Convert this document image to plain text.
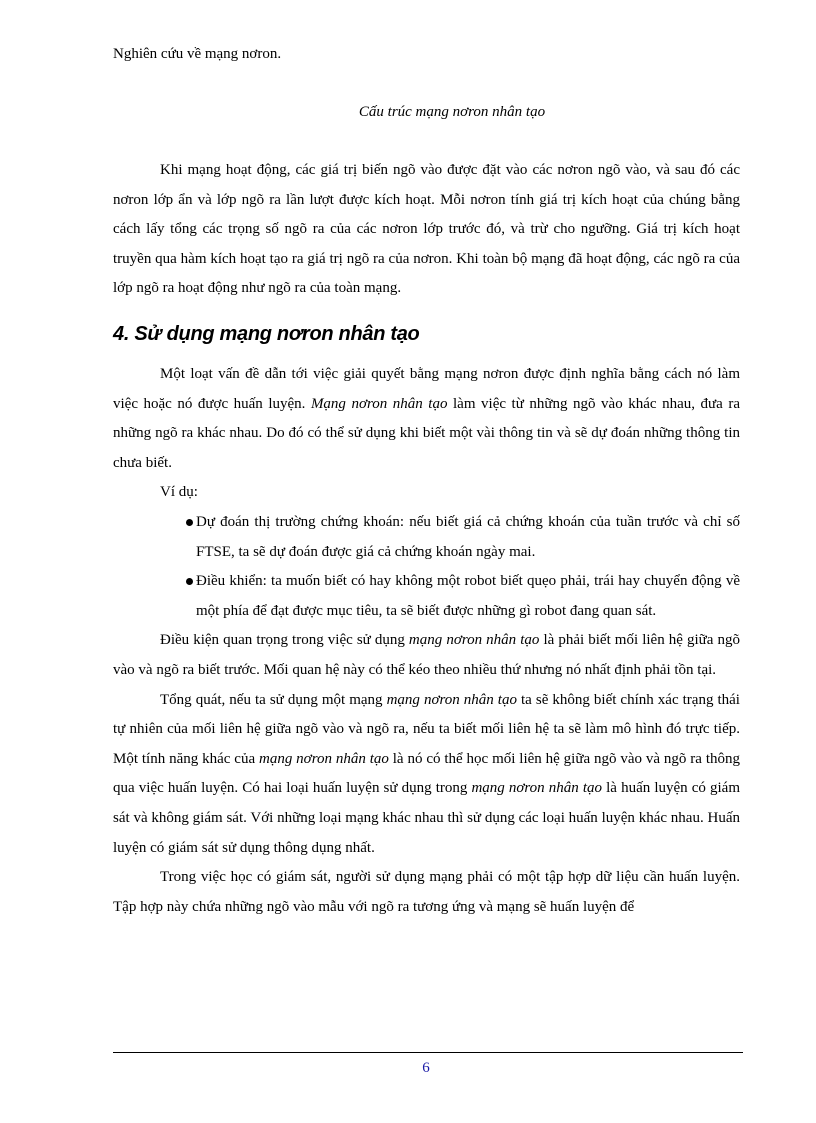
Nghiên cứu về mạng nơron.
Cấu trúc mạng nơron nhân tạo

Khi mạng hoạt động, các giá trị biến ngõ vào được đặt vào các nơron ngõ vào, và sau đó các nơron lớp ẩn và lớp ngõ ra lần lượt được kích hoạt. Mỗi nơron tính giá trị kích hoạt của chúng bằng cách lấy tổng các trọng số ngõ ra của các nơron lớp trước đó, và trừ cho ngưỡng. Giá trị kích hoạt truyền qua hàm kích hoạt tạo ra giá trị ngõ ra của nơron. Khi toàn bộ mạng đã hoạt động, các ngõ ra của lớp ngõ ra hoạt động như ngõ ra của toàn mạng.

4. Sử dụng mạng nơron nhân tạo

Một loạt vấn đề dẫn tới việc giải quyết bằng mạng nơron được định nghĩa bằng cách nó làm việc hoặc nó được huấn luyện. Mạng nơron nhân tạo làm việc từ những ngõ vào khác nhau, đưa ra những ngõ ra khác nhau. Do đó có thể sử dụng khi biết một vài thông tin và sẽ dự đoán những thông tin chưa biết.

Ví dụ:

Dự đoán thị trường chứng khoán: nếu biết giá cả chứng khoán của tuần trước và chỉ số FTSE, ta sẽ dự đoán được giá cả chứng khoán ngày mai.
Điều khiển: ta muốn biết có hay không một robot biết quẹo phải, trái hay chuyển động về một phía để đạt được mục tiêu, ta sẽ biết được những gì robot đang quan sát.

Điều kiện quan trọng trong việc sử dụng mạng nơron nhân tạo là phải biết mối liên hệ giữa ngõ vào và ngõ ra biết trước. Mối quan hệ này có thể kéo theo nhiều thứ nhưng nó nhất định phải tồn tại.

Tổng quát, nếu ta sử dụng một mạng mạng nơron nhân tạo ta sẽ không biết chính xác trạng thái tự nhiên của mối liên hệ giữa ngõ vào và ngõ ra, nếu ta biết mối liên hệ ta sẽ làm mô hình đó trực tiếp. Một tính năng khác của mạng nơron nhân tạo là nó có thể học mối liên hệ giữa ngõ vào và ngõ ra thông qua việc huấn luyện. Có hai loại huấn luyện sử dụng trong mạng nơron nhân tạo là huấn luyện có giám sát và không giám sát. Với những loại mạng khác nhau thì sử dụng các loại huấn luyện khác nhau. Huấn luyện có giám sát sử dụng thông dụng nhất.

Trong việc học có giám sát, người sử dụng mạng phải có một tập hợp dữ liệu cần huấn luyện. Tập hợp này chứa những ngõ vào mẫu với ngõ ra tương ứng và mạng sẽ huấn luyện để

6
